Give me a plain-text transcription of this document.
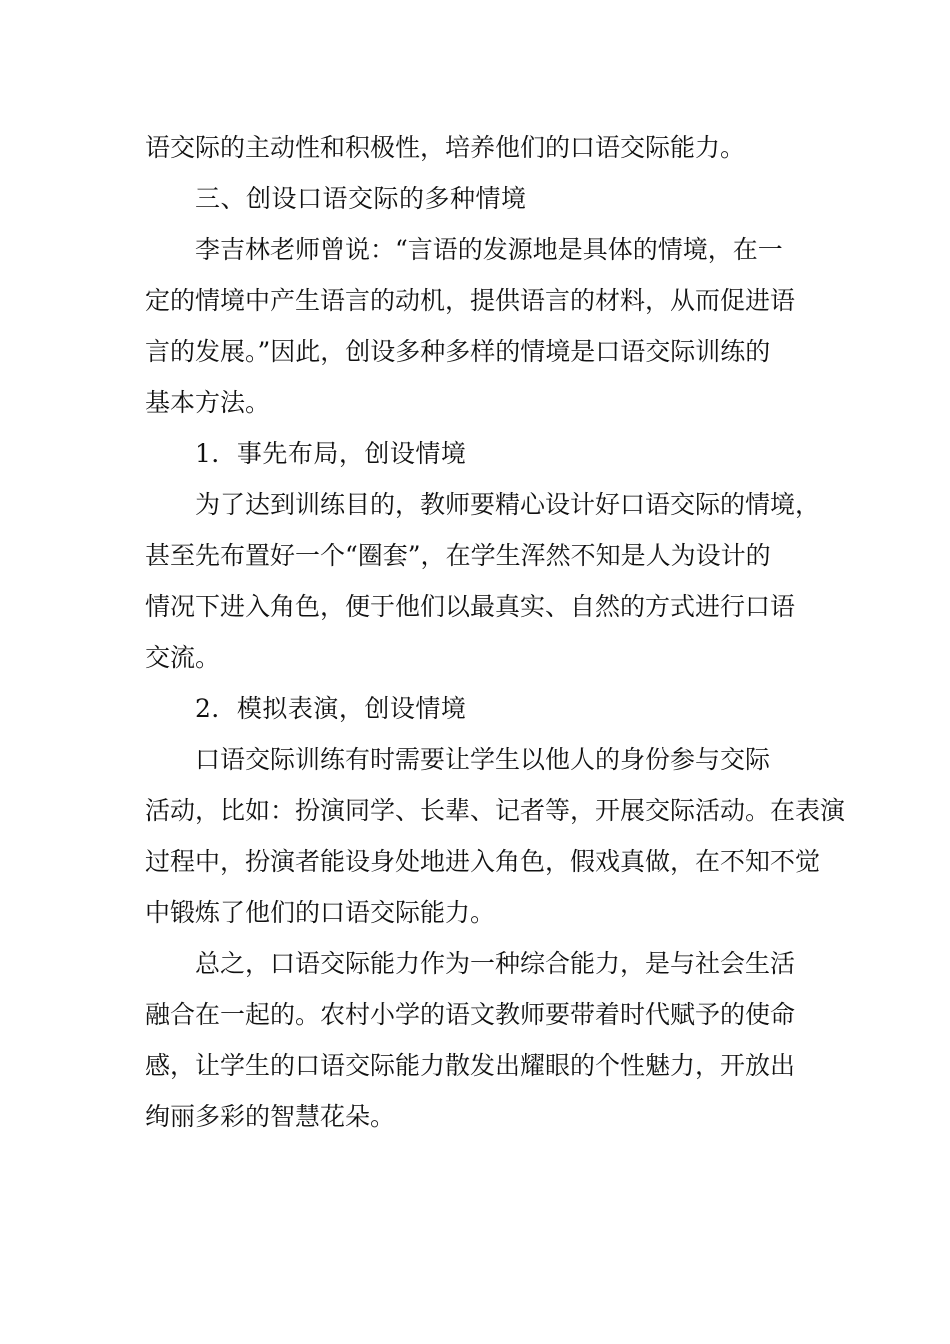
语交际的主动性和积极性，培养他们的口语交际能力。
三、创设口语交际的多种情境
李吉林老师曾说：“言语的发源地是具体的情境，在一
定的情境中产生语言的动机，提供语言的材料，从而促进语
言的发展。”因此，创设多种多样的情境是口语交际训练的
基本方法。
1．事先布局，创设情境
为了达到训练目的，教师要精心设计好口语交际的情境，
甚至先布置好一个“圈套”，在学生浑然不知是人为设计的
情况下进入角色，便于他们以最真实、自然的方式进行口语
交流。
2．模拟表演，创设情境
口语交际训练有时需要让学生以他人的身份参与交际
活动，比如：扮演同学、长辈、记者等，开展交际活动。在表演
过程中，扮演者能设身处地进入角色，假戏真做，在不知不觉
中锻炼了他们的口语交际能力。
总之，口语交际能力作为一种综合能力，是与社会生活
融合在一起的。农村小学的语文教师要带着时代赋予的使命
感，让学生的口语交际能力散发出耀眼的个性魅力，开放出
绚丽多彩的智慧花朵。
